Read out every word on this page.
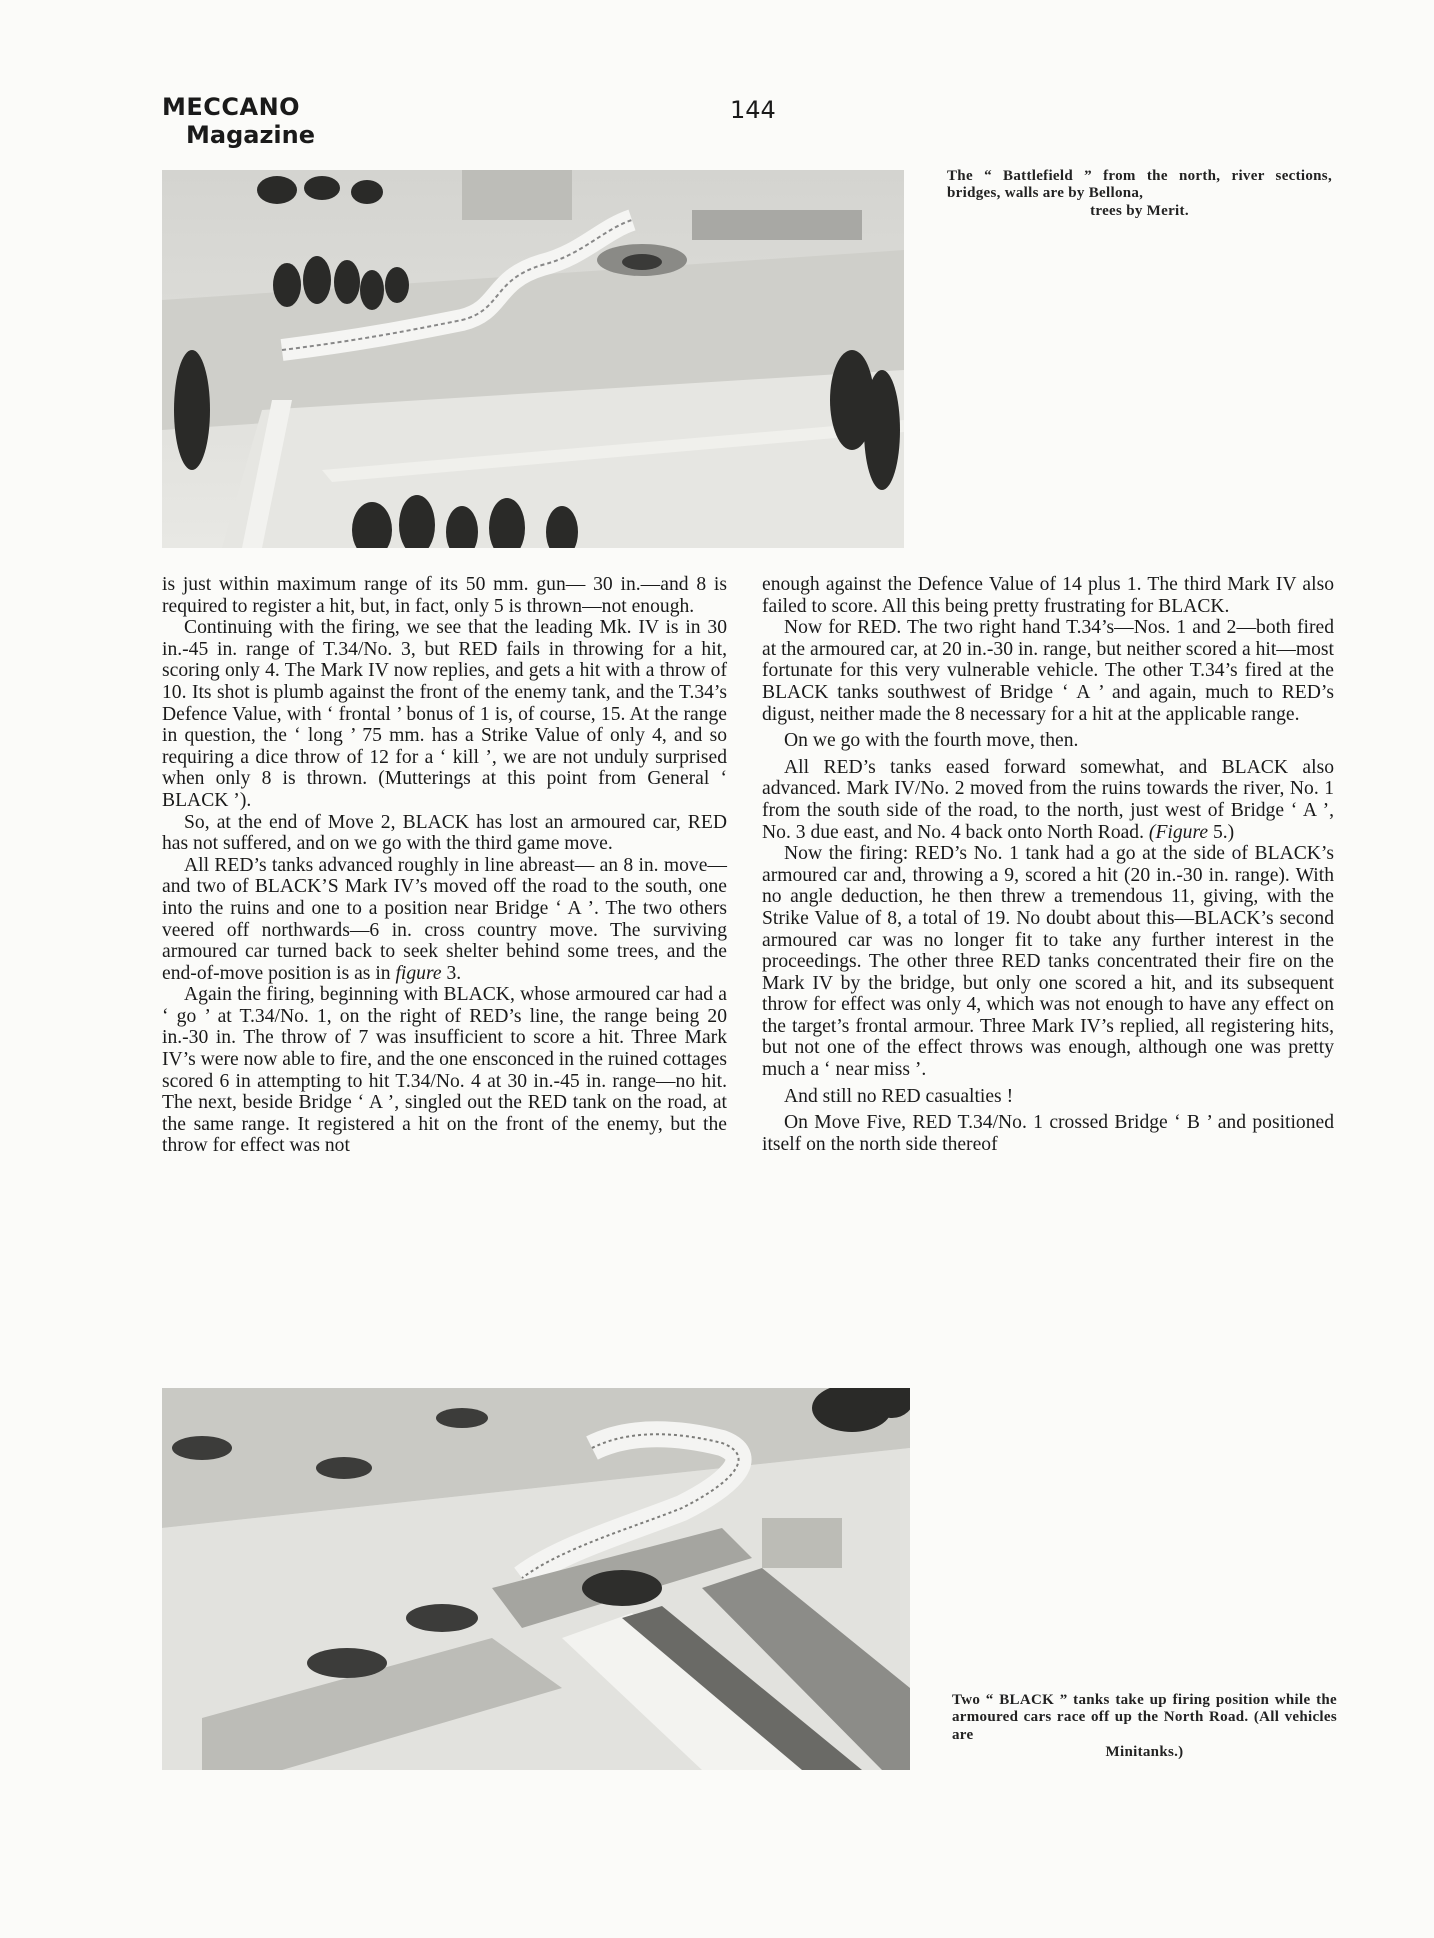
MECCANO
Magazine
144
The “ Battlefield ” from the north, river sections, bridges, walls are by Bellona,
trees by Merit.

is just within maximum range of its 50 mm. gun— 30 in.—and 8 is required to register a hit, but, in fact, only 5 is thrown—not enough.

Continuing with the firing, we see that the leading Mk. IV is in 30 in.-45 in. range of T.34/No. 3, but RED fails in throwing for a hit, scoring only 4. The Mark IV now replies, and gets a hit with a throw of 10. Its shot is plumb against the front of the enemy tank, and the T.34’s Defence Value, with ‘ frontal ’ bonus of 1 is, of course, 15. At the range in question, the ‘ long ’ 75 mm. has a Strike Value of only 4, and so requiring a dice throw of 12 for a ‘ kill ’, we are not unduly surprised when only 8 is thrown. (Mutterings at this point from General ‘ BLACK ’).

So, at the end of Move 2, BLACK has lost an armoured car, RED has not suffered, and on we go with the third game move.

All RED’s tanks advanced roughly in line abreast— an 8 in. move—and two of BLACK’S Mark IV’s moved off the road to the south, one into the ruins and one to a position near Bridge ‘ A ’. The two others veered off northwards—6 in. cross country move. The surviving armoured car turned back to seek shelter behind some trees, and the end-of-move position is as in figure 3.

Again the firing, beginning with BLACK, whose armoured car had a ‘ go ’ at T.34/No. 1, on the right of RED’s line, the range being 20 in.-30 in. The throw of 7 was insufficient to score a hit. Three Mark IV’s were now able to fire, and the one ensconced in the ruined cottages scored 6 in attempting to hit T.34/No. 4 at 30 in.-45 in. range—no hit. The next, beside Bridge ‘ A ’, singled out the RED tank on the road, at the same range. It registered a hit on the front of the enemy, but the throw for effect was not

enough against the Defence Value of 14 plus 1. The third Mark IV also failed to score. All this being pretty frustrating for BLACK.

Now for RED. The two right hand T.34’s—Nos. 1 and 2—both fired at the armoured car, at 20 in.-30 in. range, but neither scored a hit—most fortunate for this very vulnerable vehicle. The other T.34’s fired at the BLACK tanks southwest of Bridge ‘ A ’ and again, much to RED’s digust, neither made the 8 necessary for a hit at the applicable range.

On we go with the fourth move, then.

All RED’s tanks eased forward somewhat, and BLACK also advanced. Mark IV/No. 2 moved from the ruins towards the river, No. 1 from the south side of the road, to the north, just west of Bridge ‘ A ’, No. 3 due east, and No. 4 back onto North Road. (Figure 5.)

Now the firing: RED’s No. 1 tank had a go at the side of BLACK’s armoured car and, throwing a 9, scored a hit (20 in.-30 in. range). With no angle deduction, he then threw a tremendous 11, giving, with the Strike Value of 8, a total of 19. No doubt about this—BLACK’s second armoured car was no longer fit to take any further interest in the proceedings. The other three RED tanks concentrated their fire on the Mark IV by the bridge, but only one scored a hit, and its subsequent throw for effect was only 4, which was not enough to have any effect on the target’s frontal armour. Three Mark IV’s replied, all registering hits, but not one of the effect throws was enough, although one was pretty much a ‘ near miss ’.

And still no RED casualties !

On Move Five, RED T.34/No. 1 crossed Bridge ‘ B ’ and positioned itself on the north side thereof

Two “ BLACK ” tanks take up firing position while the armoured cars race off up the North Road. (All vehicles are
Minitanks.)
